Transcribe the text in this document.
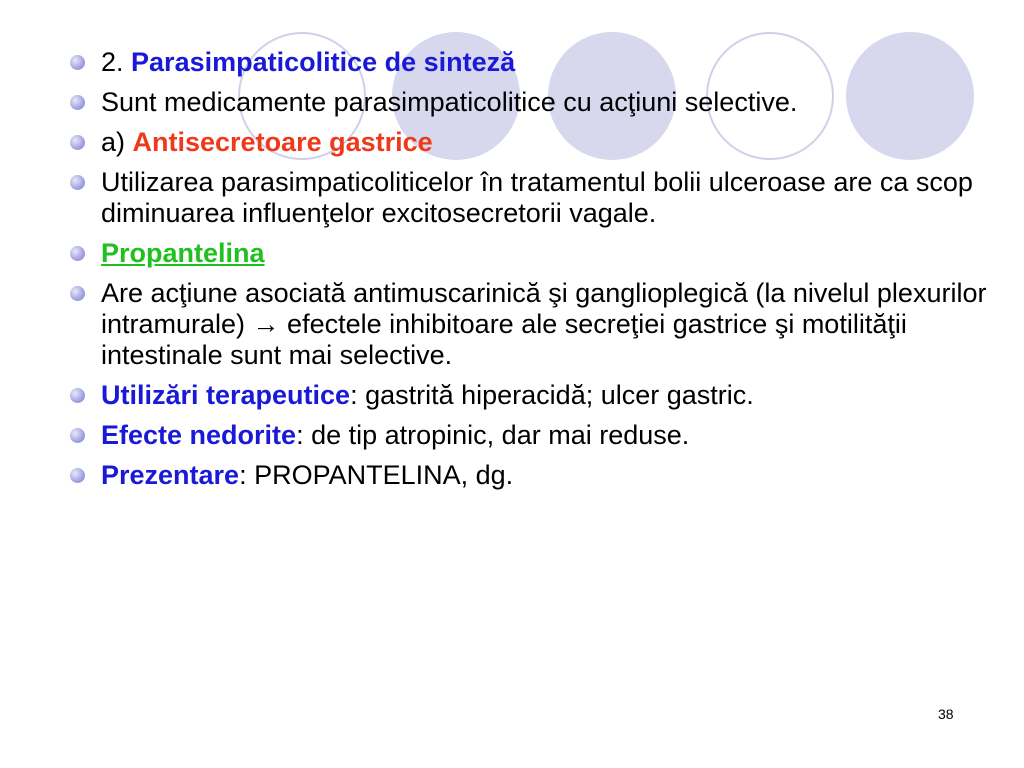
2. Parasimpaticolitice de sinteză
Sunt medicamente parasimpaticolitice cu acţiuni selective.
a) Antisecretoare gastrice
Utilizarea parasimpaticoliticelor în tratamentul bolii ulceroase are ca scop diminuarea influenţelor excitosecretorii vagale.
Propantelina
Are acţiune asociată antimuscarinică şi ganglioplegică (la nivelul plexurilor intramurale) → efectele inhibitoare ale secreţiei gastrice şi motilităţii intestinale sunt mai selective.
Utilizări terapeutice: gastrită hiperacidă; ulcer gastric.
Efecte nedorite: de tip atropinic, dar mai reduse.
Prezentare: PROPANTELINA, dg.
38
